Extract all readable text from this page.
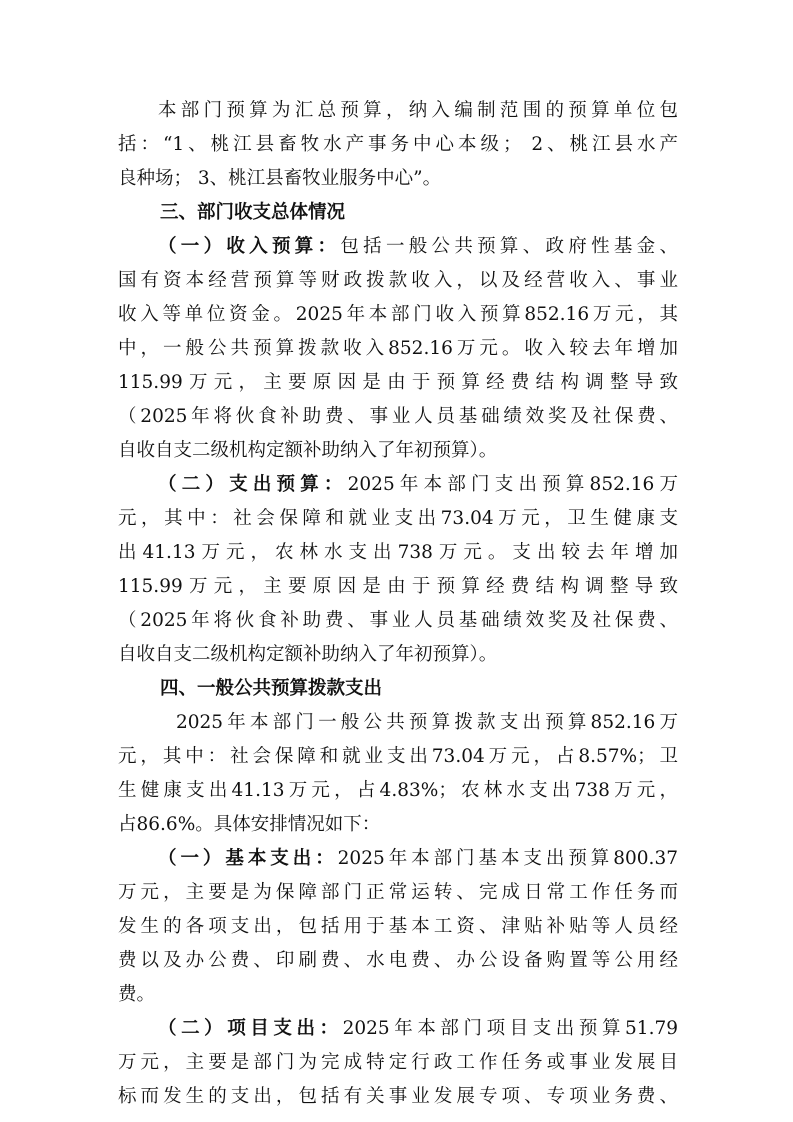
本部门预算为汇总预算，纳入编制范围的预算单位包
括：“1、桃江县畜牧水产事务中心本级； 2、桃江县水产
良种场； 3、桃江县畜牧业服务中心”。
三、部门收支总体情况
（一）收入预算：包括一般公共预算、政府性基金、
国有资本经营预算等财政拨款收入，以及经营收入、事业
收入等单位资金。2025年本部门收入预算852.16万元，其
中，一般公共预算拨款收入852.16万元。收入较去年增加
115.99万元，主要原因是由于预算经费结构调整导致
（2025年将伙食补助费、事业人员基础绩效奖及社保费、
自收自支二级机构定额补助纳入了年初预算）。
（二）支出预算：2025年本部门支出预算852.16万
元，其中：社会保障和就业支出73.04万元，卫生健康支
出41.13万元，农林水支出738万元。支出较去年增加
115.99万元，主要原因是由于预算经费结构调整导致
（2025年将伙食补助费、事业人员基础绩效奖及社保费、
自收自支二级机构定额补助纳入了年初预算）。
四、一般公共预算拨款支出
2025年本部门一般公共预算拨款支出预算852.16万
元，其中：社会保障和就业支出73.04万元，占8.57%；卫
生健康支出41.13万元，占4.83%；农林水支出738万元，
占86.6%。具体安排情况如下：
（一）基本支出：2025年本部门基本支出预算800.37
万元，主要是为保障部门正常运转、完成日常工作任务而
发生的各项支出，包括用于基本工资、津贴补贴等人员经
费以及办公费、印刷费、水电费、办公设备购置等公用经
费。
（二）项目支出：2025年本部门项目支出预算51.79
万元，主要是部门为完成特定行政工作任务或事业发展目
标而发生的支出，包括有关事业发展专项、专项业务费、
